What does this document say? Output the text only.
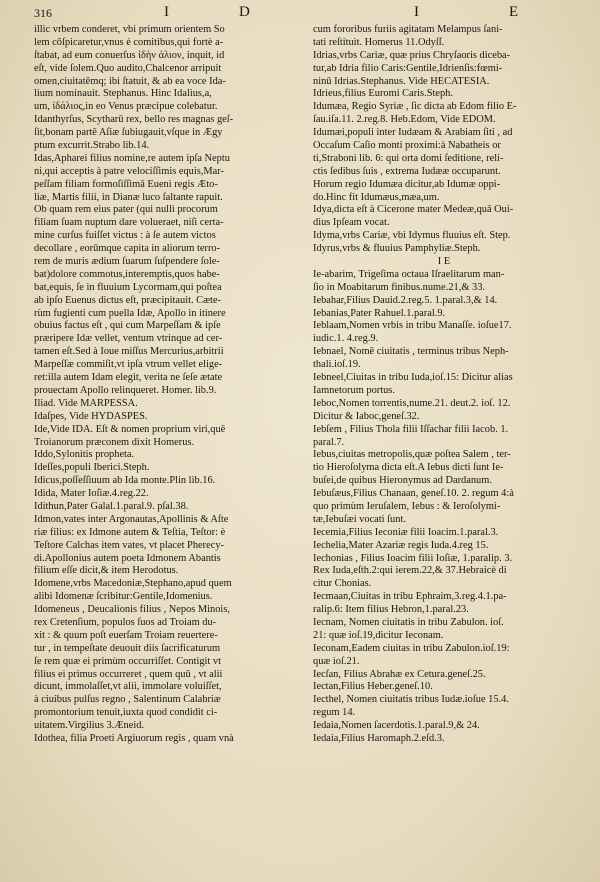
316	I	D	I	E
illic vrbem conderet, vbi primum orientem So
lem cōſpicaretur,vnus è comitibus,qui fortè a-
ſtabat, ad eum conuerſus ἰδὴν ἁλιον, inquit, id
eſt, vide ſolem.Quo audito,Chalcenor arripuit
omen,ciuitatēmq; ibi ſtatuit, & ab ea voce Ida-
lium nominauit. Stephanus. Hinc Idalius,a,
um, ἰδάλιος,in eo Venus præcipue colebatur.
Idanthyrſus, Scytharū rex, bello res magnas geſ-
ſit,bonam partē Aſiæ ſubiugauit,vſque in Ægy
ptum excurrit.Strabo lib.14.
Idas,Apharei filius nomine,re autem ipſa Neptu
ni,qui acceptis à patre velociſſimis equis,Mar-
peſſam filiam formoſiſſimā Eueni regis Æto-
liæ, Martis filii, in Dianæ luco ſaltante rapuit.
Ob quam rem eius pater (qui nulli procorum
filiam ſuam nuptum dare volueraet, niſi certa-
mine curſus fuiſſet victus : à ſe autem victos
decollare , eorūmque capita in aliorum terro-
rem de muris ædium ſuarum ſuſpendere ſole-
bat)dolore commotus,interemptis,quos habe-
bat,equis, ſe in fluuium Lycormam,qui poſtea
ab ipſo Euenus dictus eſt, præcipitauit. Cæte-
rùm fugienti cum puella Idæ, Apollo in itinere
obuius factus eſt , qui cum Marpeſſam & ipſe
præripere Idæ vellet, ventum vtrinque ad cer-
tamen eſt.Sed à Ioue miſſus Mercurius,arbitrii
Marpeſſæ commiſit,vt ipſa vtrum vellet elige-
ret:illa autem Idam elegit, verita ne ſeſe ætate
prouectam Apollo relinqueret. Homer. lib.9.
Iliad. Vide MARPESSA.
Idaſpes, Vide HYDASPES.
Ide,Vide IDA. Eſt & nomen proprium viri,quē
Troianorum præconem dixit Homerus.
Iddo,Sylonitis propheta.
Ideſſes,populi Iberici.Steph.
Idicus,poſſeſſiuum ab Ida monte.Plin lib.16.
Idida, Mater Ioſiæ.4.reg.22.
Idithun,Pater Galal.1.paral.9. pſal.38.
Idmon,vates inter Argonautas,Apollinis & Aſte
riæ filius: ex Idmone autem & Teſtia, Teſtor: è
Teſtore Calchas item vates, vt placet Pherecy-
di.Apollonius autem poeta Idmonem Abantis
filium eſſe dicit,& item Herodotus.
Idomene,vrbs Macedoniæ,Stephano,apud quem
alibi Idomenæ ſcribitur:Gentile,Idomenius.
Idomeneus , Deucalionis filius , Nepos Minois,
rex Cretenſium, populos ſuos ad Troiam du-
xit : & quum poſt euerſam Troiam reuertere-
tur , in tempeſtate deuouit diis ſacrificaturum
ſe rem quæ ei primùm occurriſſet. Contigit vt
filius ei primus occurreret , quem quū , vt alii
dicunt, immolaſſet,vt alii, immolare voluiſſet,
à ciuibus pulſus regno , Salentinum Calabriæ
promontorium tenuit,iuxta quod condidit ci-
uitatem.Virgilius 3.Æneid.
Idothea, filia Proeti Argiuorum regis , quam vnà
cum fororibus furiis agitatam Melampus ſani-
tati reſtituit. Homerus 11.Odyſſ.
Idrias,vrbs Cariæ, quæ prius Chryſaoris diceba-
tur,ab Idria filio Caris:Gentile,Idrienſis:fœmi-
ninū Idrias.Stephanus. Vide HECATESIA.
Idrieus,filius Euromi Caris.Steph.
Idumæa, Regio Syriæ , ſic dicta ab Edom filio E-
ſau.iſa.11. 2.reg.8. Heb.Edom, Vide EDOM.
Idumæi,populi inter Iudæam & Arabiam ſiti , ad
Occaſum Caſio monti proximi:à Nabatheis or
ti,Straboni lib. 6: qui orta domi ſeditione, reli-
ctis ſedibus ſuis , extrema Iudææ occuparunt.
Horum regio Idumæa dicitur,ab Idumæ oppi-
do.Hinc fit Idumæus,mæa,um.
Idya,dicta eſt à Cicerone mater Medeæ,quā Oui-
dius Ipſeam vocat.
Idyma,vrbs Cariæ, vbi Idymus fluuius eſt. Step.
Idyrus,vrbs & fluuius Pamphyliæ.Steph.
I E
Ie-abarim, Trigeſima octaua Iſraelitarum man-
ſio in Moabitarum finibus.nume.21,& 33.
Iebahar,Filius Dauid.2.reg.5. 1.paral.3,& 14.
Iebanias,Pater Rahuel.1.paral.9.
Ieblaam,Nomen vrbis in tribu Manaſſe. ioſue17.
iudic.1. 4.reg.9.
Iebnael, Nomē ciuitatis , terminus tribus Neph-
thali.ioſ.19.
Iebneel,Ciuitas in tribu Iuda,ioſ.15: Dicitur alias
Iamnetorum portus.
Ieboc,Nomen torrentis,nume.21. deut.2. ioſ. 12.
Dicitur & Iaboc,geneſ.32.
Iebſem , Filius Thola filii Iſſachar filii Iacob. 1.
paral.7.
Iebus,ciuitas metropolis,quæ poſtea Salem , ter-
tio Hieroſolyma dicta eſt.A Iebus dicti ſunt Ie-
buſei,de quibus Hieronymus ad Dardanum.
Iebuſæus,Filius Chanaan, geneſ.10. 2. regum 4:à
quo primùm Ieruſalem, Iebus : & Ieroſolymi-
tæ,Iebuſæi vocati ſunt.
Iecemia,Filius Ieconiæ filii Ioacim.1.paral.3.
Iechelia,Mater Azariæ regis Iuda.4.reg 15.
Iechonias , Filius Ioacim filii Ioſiæ, 1.paralip. 3.
Rex Iuda,eſth.2:qui ierem.22,& 37.Hebraicè di
citur Chonias.
Iecmaan,Ciuitas in tribu Ephraim,3.reg.4.1.pa-
ralip.6: Item filius Hebron,1.paral.23.
Iecnam, Nomen ciuitatis in tribu Zabulon. ioſ.
21: quæ ioſ.19,dicitur Ieconam.
Ieconam,Eadem ciuitas in tribu Zabulon.ioſ.19:
quæ ioſ.21.
Iecſan, Filius Abrahæ ex Cetura.geneſ.25.
Iectan,Filius Heber.geneſ.10.
Iecthel, Nomen ciuitatis tribus Iudæ.ioſue 15.4.
regum 14.
Iedaia,Nomen ſacerdotis.1.paral.9,& 24.
Iedaia,Filius Haromaph.2.eſd.3.
